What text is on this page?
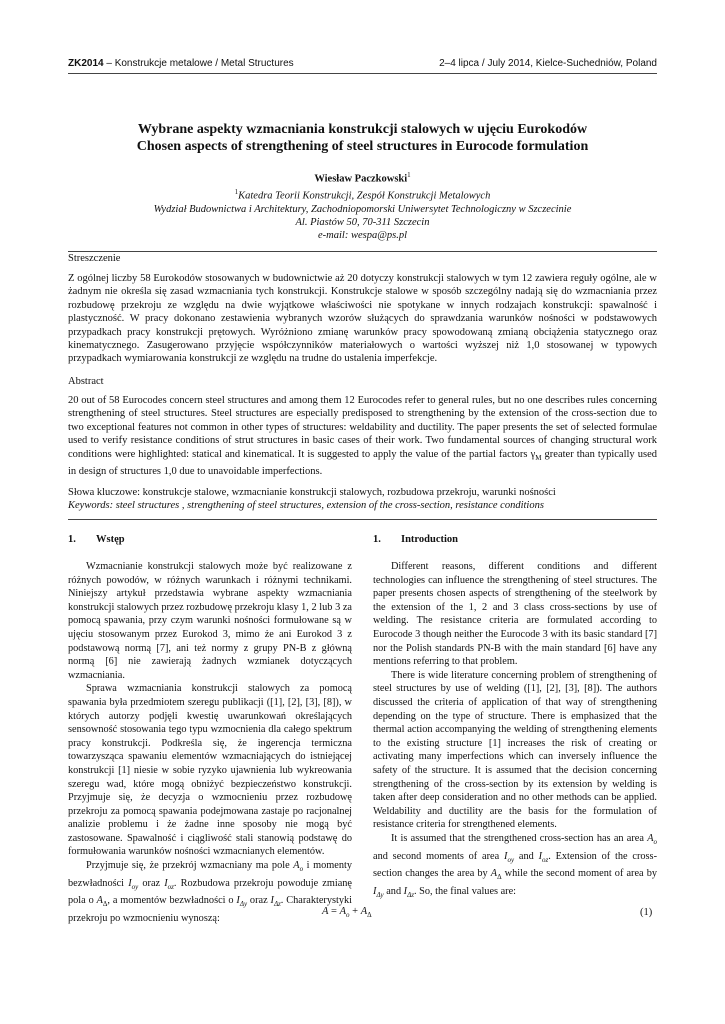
ZK2014 – Konstrukcje metalowe / Metal Structures	2–4 lipca / July 2014, Kielce-Suchedniów, Poland
Wybrane aspekty wzmacniania konstrukcji stalowych w ujęciu Eurokodów
Chosen aspects of strengthening of steel structures in Eurocode formulation
Wiesław Paczkowski$^1$
$^1$Katedra Teorii Konstrukcji, Zespół Konstrukcji Metalowych
Wydział Budownictwa i Architektury, Zachodniopomorski Uniwersytet Technologiczny w Szczecinie
Al. Piastów 50, 70-311 Szczecin
e-mail: wespa@ps.pl
Streszczenie
Z ogólnej liczby 58 Eurokodów stosowanych w budownictwie aż 20 dotyczy konstrukcji stalowych w tym 12 zawiera reguły ogólne, ale w żadnym nie określa się zasad wzmacniania tych konstrukcji. Konstrukcje stalowe w sposób szczególny nadają się do wzmacniania przez rozbudowę przekroju ze względu na dwie wyjątkowe właściwości nie spotykane w innych rodzajach konstrukcji: spawalność i plastyczność. W pracy dokonano zestawienia wybranych wzorów służących do sprawdzania warunków nośności w podstawowych przypadkach pracy konstrukcji prętowych. Wyróżniono zmianę warunków pracy spowodowaną zmianą obciążenia statycznego oraz kinematycznego. Zasugerowano przyjęcie współczynników materiałowych o wartości wyższej niż 1,0 stosowanej w typowych przypadkach wymiarowania konstrukcji ze względu na trudne do ustalenia imperfekcje.
Abstract
20 out of 58 Eurocodes concern steel structures and among them 12 Eurocodes refer to general rules, but no one describes rules concerning strengthening of steel structures. Steel structures are especially predisposed to strengthening by the extension of the cross-section due to two exceptional features not common in other types of structures: weldability and ductility. The paper presents the set of selected formulae used to verify resistance conditions of strut structures in basic cases of their work. Two fundamental sources of changing structural work conditions were highlighted: statical and kinematical. It is suggested to apply the value of the partial factors $\gamma_M$ greater than typically used in design of structures 1,0 due to unavoidable imperfections.
Słowa kluczowe: konstrukcje stalowe, wzmacnianie konstrukcji stalowych, rozbudowa przekroju, warunki nośności
Keywords: steel structures , strengthening of steel structures, extension of the cross-section, resistance conditions
1. Wstęp

Wzmacnianie konstrukcji stalowych może być realizowane z różnych powodów, w różnych warunkach i różnymi technikami. Niniejszy artykuł przedstawia wybrane aspekty wzmacniania konstrukcji stalowych przez rozbudowę przekroju klasy 1, 2 lub 3 za pomocą spawania, przy czym warunki nośności formułowane są w ujęciu stosowanym przez Eurokod 3, mimo że ani Eurokod 3 z podstawową normą [7], ani też normy z grupy PN-B z główną normą [6] nie zawierają żadnych wzmianek dotyczących wzmacniania.

Sprawa wzmacniania konstrukcji stalowych za pomocą spawania była przedmiotem szeregu publikacji ([1], [2], [3], [8]), w których autorzy podjęli kwestię uwarunkowań określających sensowność stosowania tego typu wzmocnienia dla całego spektrum pracy konstrukcji. Podkreśla się, że ingerencja termiczna towarzysząca spawaniu elementów wzmacniających do istniejącej konstrukcji [1] niesie w sobie ryzyko ujawnienia lub wykreowania szeregu wad, które mogą obniżyć bezpieczeństwo konstrukcji. Przyjmuje się, że decyzja o wzmocnieniu przez rozbudowę przekroju za pomocą spawania podejmowana zastaje po racjonalnej analizie problemu i że żadne inne sposoby nie mogą być zastosowane. Spawalność i ciągliwość stali stanowią podstawę do formułowania warunków nośności wzmacnianych elementów.

Przyjmuje się, że przekrój wzmacniany ma pole $A_o$ i momenty bezwładności $I_{oy}$ oraz $I_{oz}$. Rozbudowa przekroju powoduje zmianę pola o $A_\Delta$, a momentów bezwładności o $I_{\Delta y}$ oraz $I_{\Delta z}$. Charakterystyki przekroju po wzmocnieniu wynoszą:

1. Introduction

Different reasons, different conditions and different technologies can influence the strengthening of steel structures. The paper presents chosen aspects of strengthening of the steelwork by the extension of the 1, 2 and 3 class cross-sections by use of welding. The resistance criteria are formulated according to Eurocode 3 though neither the Eurocode 3 with its basic standard [7] nor the Polish standards PN-B with the main standard [6] have any mentions referring to that problem.

There is wide literature concerning problem of strengthening of steel structures by use of welding ([1], [2], [3], [8]). The authors discussed the criteria of application of that way of strengthening depending on the type of structure. There is emphasized that the thermal action accompanying the welding of strengthening elements to the existing structure [1] increases the risk of creating or activating many imperfections which can inversely influence the safety of the structure. It is assumed that the decision concerning strengthening of the cross-section by its extension by welding is taken after deep consideration and no other methods can be applied. Weldability and ductility are the basis for the formulation of resistance criteria for strengthened elements.

It is assumed that the strengthened cross-section has an area $A_o$ and second moments of area $I_{oy}$ and $I_{oz}$. Extension of the cross-section changes the area by $A_\Delta$ while the second moment of area by $I_{\Delta y}$ and $I_{\Delta z}$. So, the final values are:

$A = A_o + A_\Delta$	(1)
